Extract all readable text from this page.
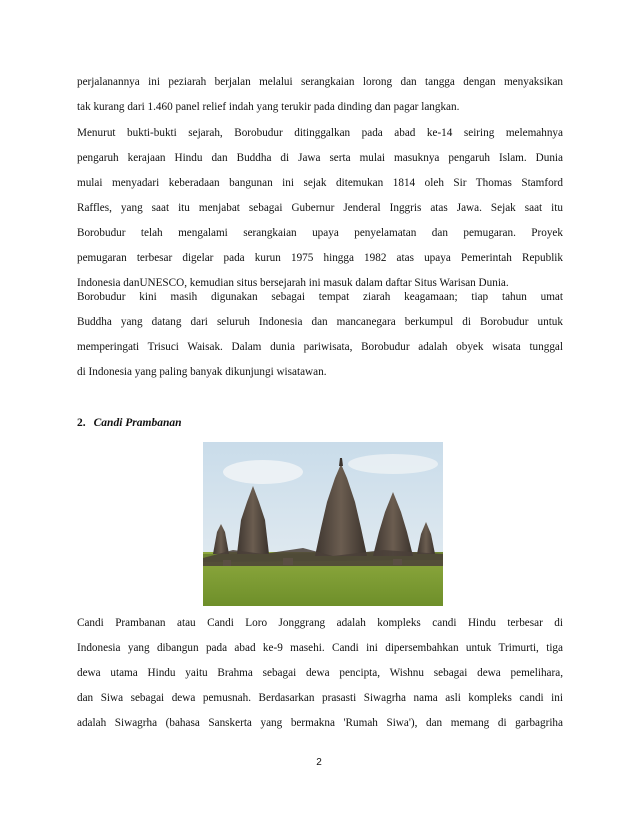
perjalanannya ini peziarah berjalan melalui serangkaian lorong dan tangga dengan menyaksikan
tak kurang dari 1.460 panel relief indah yang terukir pada dinding dan pagar langkan.
Menurut bukti-bukti sejarah, Borobudur ditinggalkan pada abad ke-14 seiring melemahnya
pengaruh kerajaan Hindu dan Buddha di Jawa serta mulai masuknya pengaruh Islam. Dunia
mulai menyadari keberadaan bangunan ini sejak ditemukan 1814 oleh Sir Thomas Stamford
Raffles, yang saat itu menjabat sebagai Gubernur Jenderal Inggris atas Jawa. Sejak saat itu
Borobudur telah mengalami serangkaian upaya penyelamatan dan pemugaran. Proyek
pemugaran terbesar digelar pada kurun 1975 hingga 1982 atas upaya Pemerintah Republik
Indonesia danUNESCO, kemudian situs bersejarah ini masuk dalam daftar Situs Warisan Dunia.
Borobudur kini masih digunakan sebagai tempat ziarah keagamaan; tiap tahun umat
Buddha yang datang dari seluruh Indonesia dan mancanegara berkumpul di Borobudur untuk
memperingati Trisuci Waisak. Dalam dunia pariwisata, Borobudur adalah obyek wisata tunggal
di Indonesia yang paling banyak dikunjungi wisatawan.
2. Candi Prambanan
Candi Prambanan atau Candi Loro Jonggrang adalah kompleks candi Hindu terbesar di
Indonesia yang dibangun pada abad ke-9 masehi. Candi ini dipersembahkan untuk Trimurti, tiga
dewa utama Hindu yaitu Brahma sebagai dewa pencipta, Wishnu sebagai dewa pemelihara,
dan Siwa sebagai dewa pemusnah. Berdasarkan prasasti Siwagrha nama asli kompleks candi ini
adalah Siwagrha (bahasa Sanskerta yang bermakna 'Rumah Siwa'), dan memang di garbagriha
2
